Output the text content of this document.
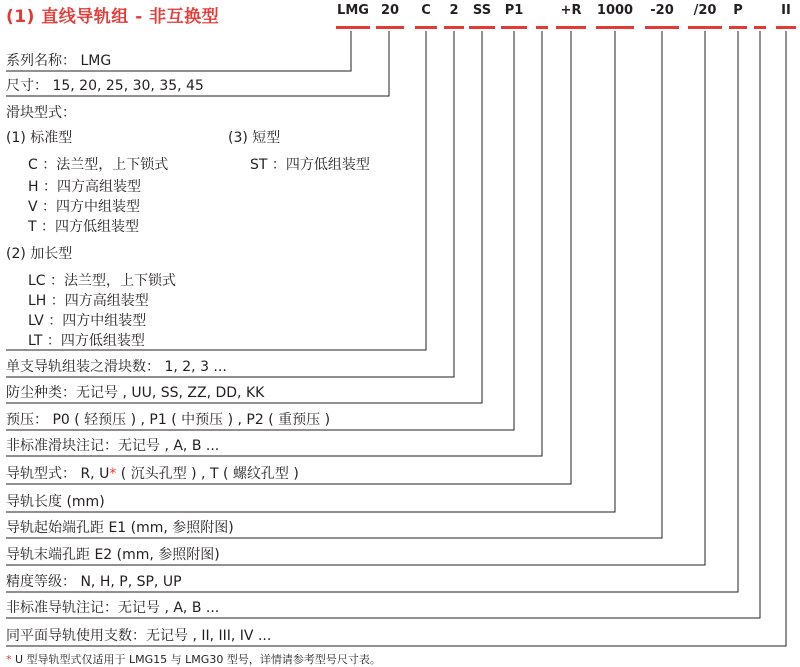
(1) 直线导轨组 - 非互换型	LMG 20 C 2 SS P1	+R 1000 -20 /20 P	II
系列名称： LMG
尺寸： 15, 20, 25, 30, 35, 45
滑块型式：
(1) 标准型
C ：法兰型，上下锁式
H ：四方高组装型
V ：四方中组装型
T ：四方低组装型
(3) 短型
ST ：四方低组装型
(2) 加长型
LC ：法兰型，上下锁式
LH ：四方高组装型
LV ：四方中组装型
LT ：四方低组装型
单支导轨组装之滑块数： 1, 2, 3 ...
防尘种类：无记号 , UU, SS, ZZ, DD, KK
预压： P0 ( 轻预压 ) , P1 ( 中预压 ) , P2 ( 重预压 )
非标准滑块注记：无记号 , A, B ...
导轨型式： R, U* ( 沉头孔型 ) , T ( 螺纹孔型 )
导轨长度 (mm)
导轨起始端孔距 E1 (mm, 参照附图)
导轨末端孔距 E2 (mm, 参照附图)
精度等级： N, H, P, SP, UP
非标准导轨注记：无记号 , A, B ...
同平面导轨使用支数：无记号 , II, III, IV ...
* U 型导轨型式仅适用于 LMG15 与 LMG30 型号，详情请参考型号尺寸表。
